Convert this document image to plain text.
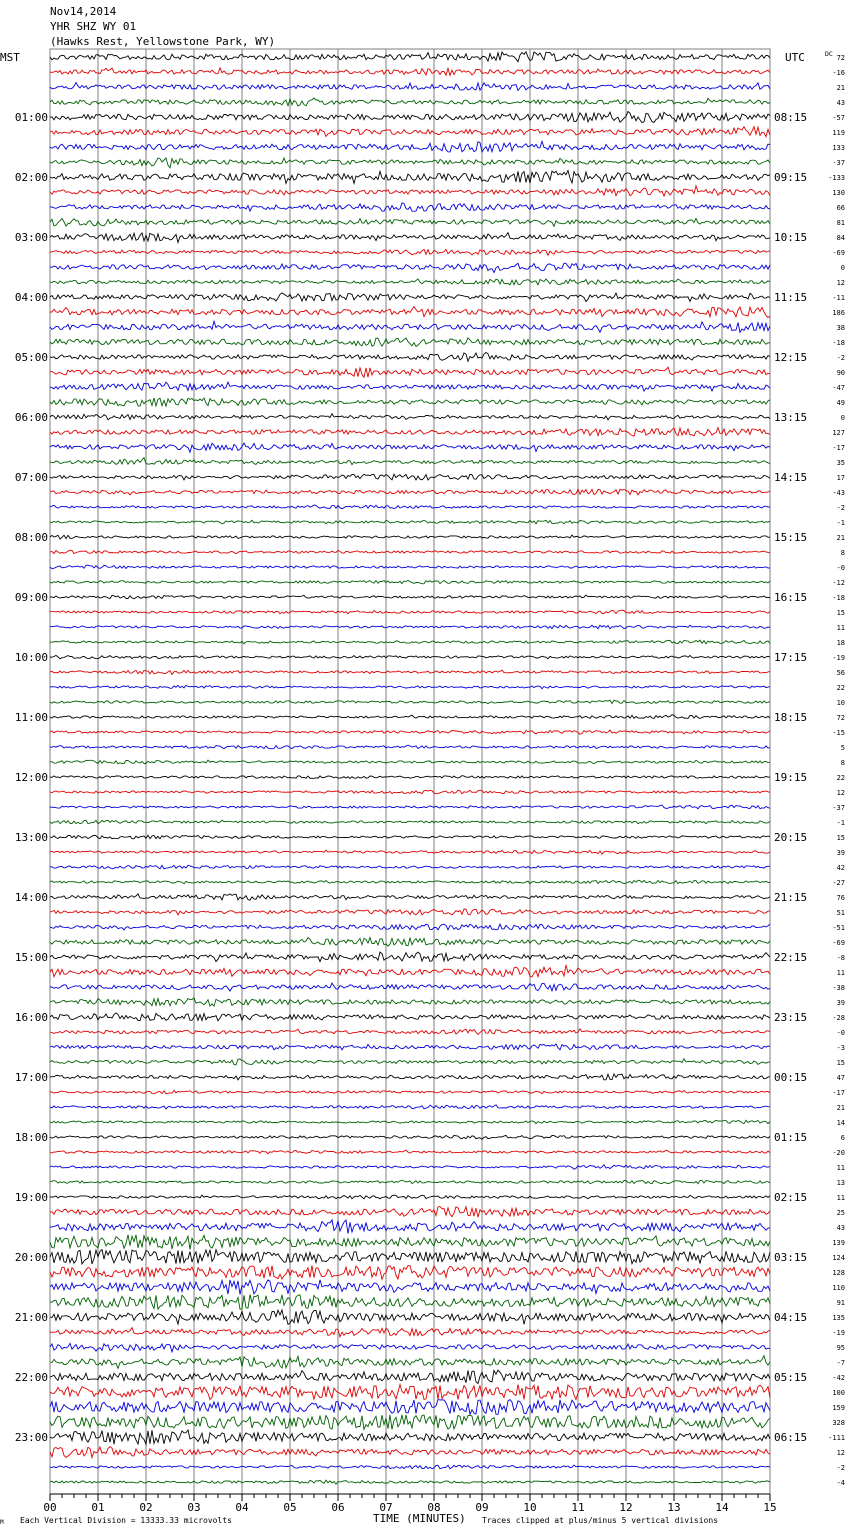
Nov14,2014
YHR SHZ WY 01
(Hawks Rest, Yellowstone Park, WY)
MST	UTC
01:00
02:00
03:00
04:00
05:00
06:00
07:00
08:00
09:00
10:00
11:00
12:00
13:00
14:00
15:00
16:00
17:00
18:00
19:00
20:00
21:00
22:00
23:00
08:15
09:15
10:15
11:15
12:15
13:15
14:15
15:15
16:15
17:15
18:15
19:15
20:15
21:15
22:15
23:15
00:15
01:15
02:15
03:15
04:15
05:15
06:15
DC 72
-16
21
43
-57
119
133
-37
-133
130
66
81
84
-69
0
12
-11
186
38
-18
-2
90
-47
49
0
127
-17
35
17
-43
-2
-1
21
8
-0
-12
-18
15
11
18
-19
56
22
10
72
-15
5
8
22
12
-37
-1
15
39
42
-27
76
51
-51
-69
-8
11
-38
39
-28
-0
-3
15
47
-17
21
14
6
-20
11
13
11
25
43
139
124
128
110
91
135
-19
95
-7
-42
100
159
328
-111
12
-2
-4
00	01	02	03	04	05	06	07	08	09	10	11	12	13	14	15
M Each Vertical Division = 13333.33 microvolts	TIME (MINUTES) Traces clipped at plus/minus 5 vertical divisions
